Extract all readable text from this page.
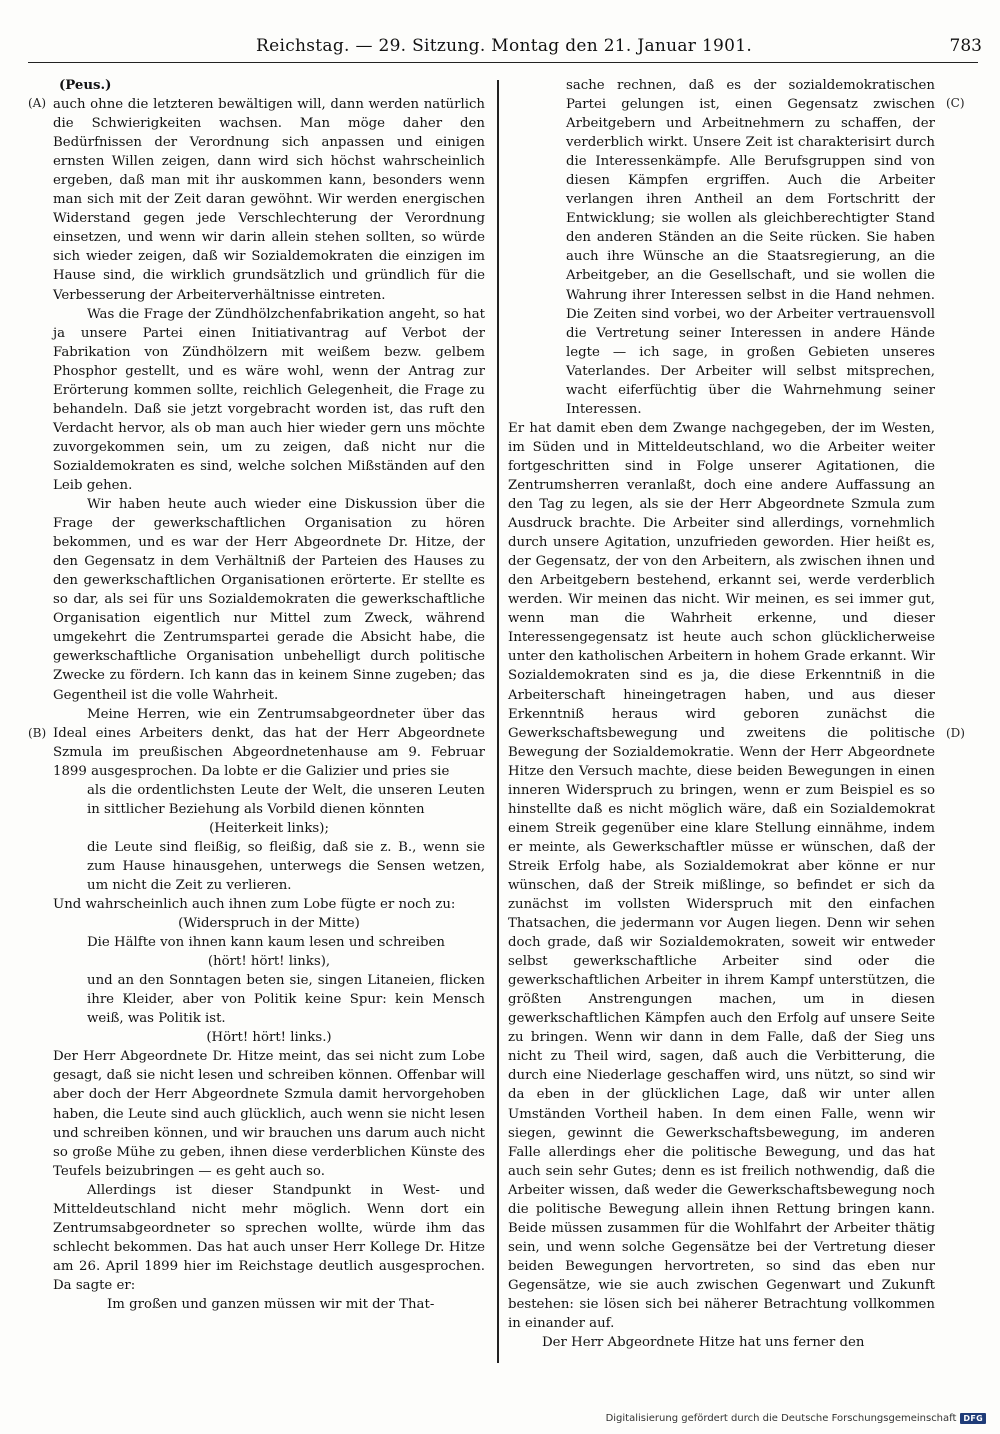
Reichstag. — 29. Sitzung. Montag den 21. Januar 1901.	783
(A)
(B)
(C)
(D)

(Peus.)

auch ohne die letzteren bewältigen will, dann werden natürlich die Schwierigkeiten wachsen. Man möge daher den Bedürfnissen der Verordnung sich anpassen und einigen ernsten Willen zeigen, dann wird sich höchst wahrscheinlich ergeben, daß man mit ihr auskommen kann, besonders wenn man sich mit der Zeit daran gewöhnt. Wir werden energischen Widerstand gegen jede Verschlechterung der Verordnung einsetzen, und wenn wir darin allein stehen sollten, so würde sich wieder zeigen, daß wir Sozialdemokraten die einzigen im Hause sind, die wirklich grundsätzlich und gründlich für die Verbesserung der Arbeiterverhältnisse eintreten.

Was die Frage der Zündhölzchenfabrikation angeht, so hat ja unsere Partei einen Initiativantrag auf Verbot der Fabrikation von Zündhölzern mit weißem bezw. gelbem Phosphor gestellt, und es wäre wohl, wenn der Antrag zur Erörterung kommen sollte, reichlich Gelegenheit, die Frage zu behandeln. Daß sie jetzt vorgebracht worden ist, das ruft den Verdacht hervor, als ob man auch hier wieder gern uns möchte zuvorgekommen sein, um zu zeigen, daß nicht nur die Sozialdemokraten es sind, welche solchen Mißständen auf den Leib gehen.

Wir haben heute auch wieder eine Diskussion über die Frage der gewerkschaftlichen Organisation zu hören bekommen, und es war der Herr Abgeordnete Dr. Hitze, der den Gegensatz in dem Verhältniß der Parteien des Hauses zu den gewerkschaftlichen Organisationen erörterte. Er stellte es so dar, als sei für uns Sozialdemokraten die gewerkschaftliche Organisation eigentlich nur Mittel zum Zweck, während umgekehrt die Zentrumspartei gerade die Absicht habe, die gewerkschaftliche Organisation unbehelligt durch politische Zwecke zu fördern. Ich kann das in keinem Sinne zugeben; das Gegentheil ist die volle Wahrheit.

Meine Herren, wie ein Zentrumsabgeordneter über das Ideal eines Arbeiters denkt, das hat der Herr Abgeordnete Szmula im preußischen Abgeordnetenhause am 9. Februar 1899 ausgesprochen. Da lobte er die Galizier und pries sie

als die ordentlichsten Leute der Welt, die unseren Leuten in sittlicher Beziehung als Vorbild dienen könnten

(Heiterkeit links);

die Leute sind fleißig, so fleißig, daß sie z. B., wenn sie zum Hause hinausgehen, unterwegs die Sensen wetzen, um nicht die Zeit zu verlieren.

Und wahrscheinlich auch ihnen zum Lobe fügte er noch zu:

(Widerspruch in der Mitte)

Die Hälfte von ihnen kann kaum lesen und schreiben

(hört! hört! links),

und an den Sonntagen beten sie, singen Litaneien, flicken ihre Kleider, aber von Politik keine Spur: kein Mensch weiß, was Politik ist.

(Hört! hört! links.)

Der Herr Abgeordnete Dr. Hitze meint, das sei nicht zum Lobe gesagt, daß sie nicht lesen und schreiben können. Offenbar will aber doch der Herr Abgeordnete Szmula damit hervorgehoben haben, die Leute sind auch glücklich, auch wenn sie nicht lesen und schreiben können, und wir brauchen uns darum auch nicht so große Mühe zu geben, ihnen diese verderblichen Künste des Teufels beizubringen — es geht auch so.

Allerdings ist dieser Standpunkt in West- und Mitteldeutschland nicht mehr möglich. Wenn dort ein Zentrumsabgeordneter so sprechen wollte, würde ihm das schlecht bekommen. Das hat auch unser Herr Kollege Dr. Hitze am 26. April 1899 hier im Reichstage deutlich ausgesprochen. Da sagte er:

Im großen und ganzen müssen wir mit der That-

sache rechnen, daß es der sozialdemokratischen Partei gelungen ist, einen Gegensatz zwischen Arbeitgebern und Arbeitnehmern zu schaffen, der verderblich wirkt. Unsere Zeit ist charakterisirt durch die Interessenkämpfe. Alle Berufsgruppen sind von diesen Kämpfen ergriffen. Auch die Arbeiter verlangen ihren Antheil an dem Fortschritt der Entwicklung; sie wollen als gleichberechtigter Stand den anderen Ständen an die Seite rücken. Sie haben auch ihre Wünsche an die Staatsregierung, an die Arbeitgeber, an die Gesellschaft, und sie wollen die Wahrung ihrer Interessen selbst in die Hand nehmen. Die Zeiten sind vorbei, wo der Arbeiter vertrauensvoll die Vertretung seiner Interessen in andere Hände legte — ich sage, in großen Gebieten unseres Vaterlandes. Der Arbeiter will selbst mitsprechen, wacht eiferfüchtig über die Wahrnehmung seiner Interessen.

Er hat damit eben dem Zwange nachgegeben, der im Westen, im Süden und in Mitteldeutschland, wo die Arbeiter weiter fortgeschritten sind in Folge unserer Agitationen, die Zentrumsherren veranlaßt, doch eine andere Auffassung an den Tag zu legen, als sie der Herr Abgeordnete Szmula zum Ausdruck brachte. Die Arbeiter sind allerdings, vornehmlich durch unsere Agitation, unzufrieden geworden. Hier heißt es, der Gegensatz, der von den Arbeitern, als zwischen ihnen und den Arbeitgebern bestehend, erkannt sei, werde verderblich werden. Wir meinen das nicht. Wir meinen, es sei immer gut, wenn man die Wahrheit erkenne, und dieser Interessengegensatz ist heute auch schon glücklicherweise unter den katholischen Arbeitern in hohem Grade erkannt. Wir Sozialdemokraten sind es ja, die diese Erkenntniß in die Arbeiterschaft hineingetragen haben, und aus dieser Erkenntniß heraus wird geboren zunächst die Gewerkschaftsbewegung und zweitens die politische Bewegung der Sozialdemokratie. Wenn der Herr Abgeordnete Hitze den Versuch machte, diese beiden Bewegungen in einen inneren Widerspruch zu bringen, wenn er zum Beispiel es so hinstellte daß es nicht möglich wäre, daß ein Sozialdemokrat einem Streik gegenüber eine klare Stellung einnähme, indem er meinte, als Gewerkschaftler müsse er wünschen, daß der Streik Erfolg habe, als Sozialdemokrat aber könne er nur wünschen, daß der Streik mißlinge, so befindet er sich da zunächst im vollsten Widerspruch mit den einfachen Thatsachen, die jedermann vor Augen liegen. Denn wir sehen doch grade, daß wir Sozialdemokraten, soweit wir entweder selbst gewerkschaftliche Arbeiter sind oder die gewerkschaftlichen Arbeiter in ihrem Kampf unterstützen, die größten Anstrengungen machen, um in diesen gewerkschaftlichen Kämpfen auch den Erfolg auf unsere Seite zu bringen. Wenn wir dann in dem Falle, daß der Sieg uns nicht zu Theil wird, sagen, daß auch die Verbitterung, die durch eine Niederlage geschaffen wird, uns nützt, so sind wir da eben in der glücklichen Lage, daß wir unter allen Umständen Vortheil haben. In dem einen Falle, wenn wir siegen, gewinnt die Gewerkschaftsbewegung, im anderen Falle allerdings eher die politische Bewegung, und das hat auch sein sehr Gutes; denn es ist freilich nothwendig, daß die Arbeiter wissen, daß weder die Gewerkschaftsbewegung noch die politische Bewegung allein ihnen Rettung bringen kann. Beide müssen zusammen für die Wohlfahrt der Arbeiter thätig sein, und wenn solche Gegensätze bei der Vertretung dieser beiden Bewegungen hervortreten, so sind das eben nur Gegensätze, wie sie auch zwischen Gegenwart und Zukunft bestehen: sie lösen sich bei näherer Betrachtung vollkommen in einander auf.

Der Herr Abgeordnete Hitze hat uns ferner den

Digitalisierung gefördert durch die Deutsche Forschungsgemeinschaft DFG
